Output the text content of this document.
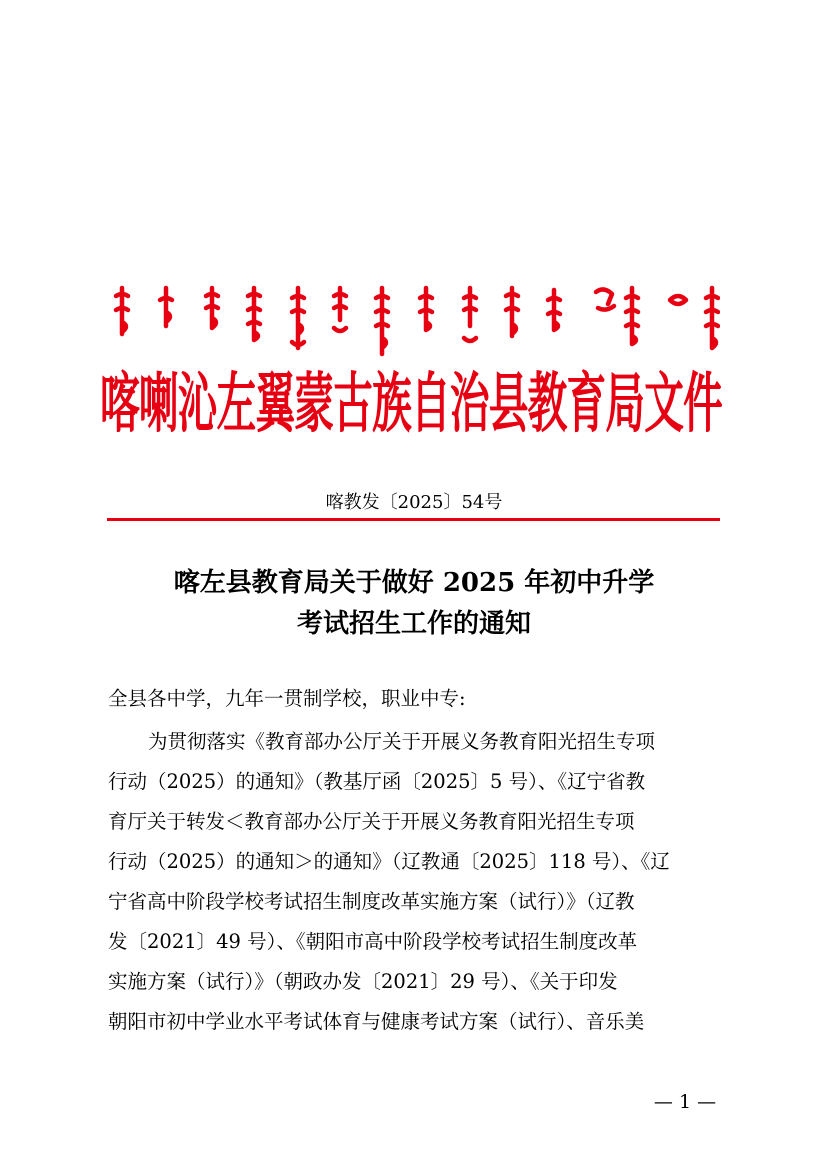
喀喇沁左翼蒙古族自治县教育局文件
喀教发〔2025〕54号
喀左县教育局关于做好 2025 年初中升学
考试招生工作的通知
全县各中学，九年一贯制学校，职业中专:
为贯彻落实《教育部办公厅关于开展义务教育阳光招生专项
行动（2025）的通知》（教基厅函〔2025〕5 号）、《辽宁省教
育厅关于转发＜教育部办公厅关于开展义务教育阳光招生专项
行动（2025）的通知＞的通知》（辽教通〔2025〕118 号）、《辽
宁省高中阶段学校考试招生制度改革实施方案（试行）》（辽教
发〔2021〕49 号）、《朝阳市高中阶段学校考试招生制度改革
实施方案（试行）》（朝政办发〔2021〕29 号）、《关于印发
朝阳市初中学业水平考试体育与健康考试方案（试行）、音乐美
— 1 —
